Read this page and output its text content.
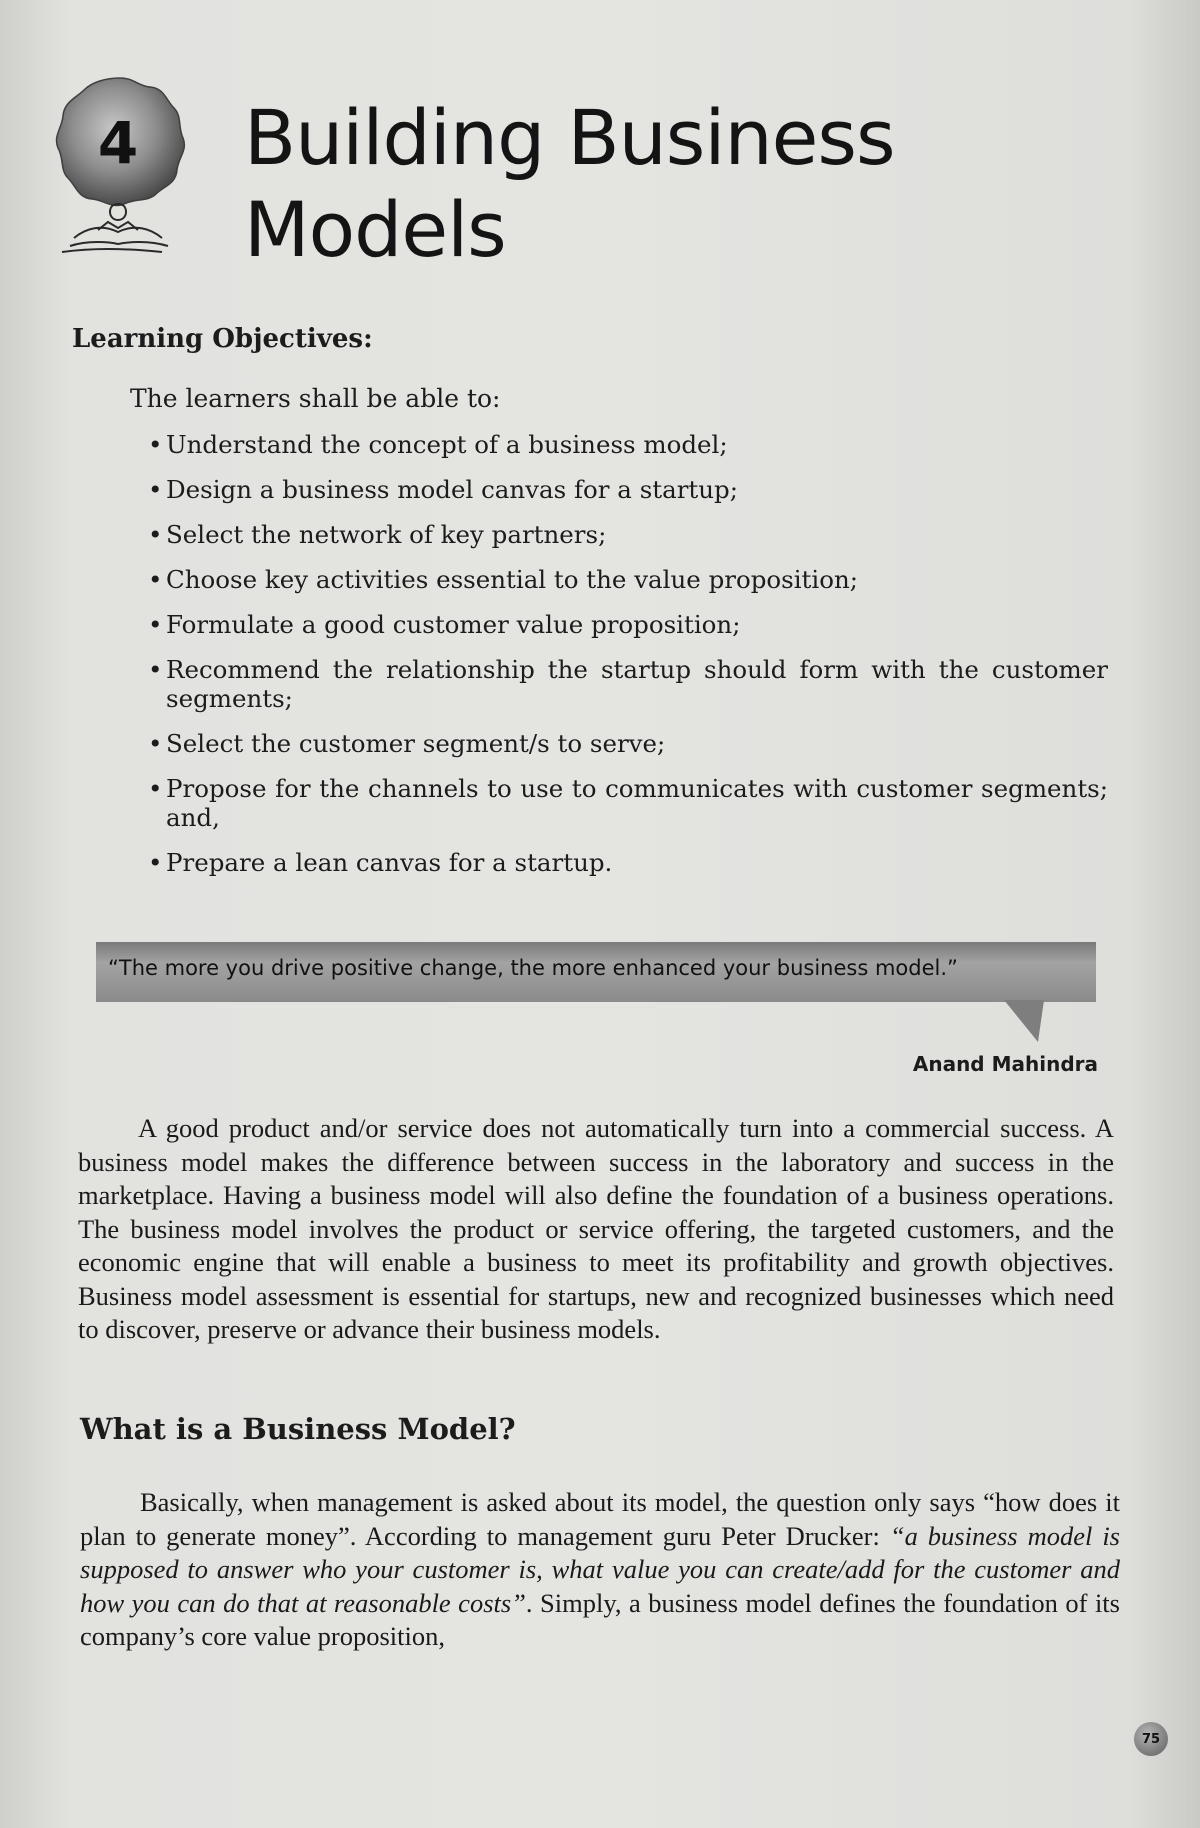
4 Building Business
Models
Learning Objectives:
The learners shall be able to:
• Understand the concept of a business model;
• Design a business model canvas for a startup;
• Select the network of key partners;
• Choose key activities essential to the value proposition;
• Formulate a good customer value proposition;
• Recommend the relationship the startup should form with the customer segments;
• Select the customer segment/s to serve;
• Propose for the channels to use to communicates with customer segments; and,
• Prepare a lean canvas for a startup.
“The more you drive positive change, the more enhanced your business model.”
Anand Mahindra
A good product and/or service does not automatically turn into a commercial success. A business model makes the difference between success in the laboratory and success in the marketplace. Having a business model will also define the foundation of a business operations. The business model involves the product or service offering, the targeted customers, and the economic engine that will enable a business to meet its profitability and growth objectives. Business model assessment is essential for startups, new and recognized businesses which need to discover, preserve or advance their business models.
What is a Business Model?
Basically, when management is asked about its model, the question only says “how does it plan to generate money”. According to management guru Peter Drucker: “a business model is supposed to answer who your customer is, what value you can create/add for the customer and how you can do that at reasonable costs”. Simply, a business model defines the foundation of its company’s core value proposition,
75
